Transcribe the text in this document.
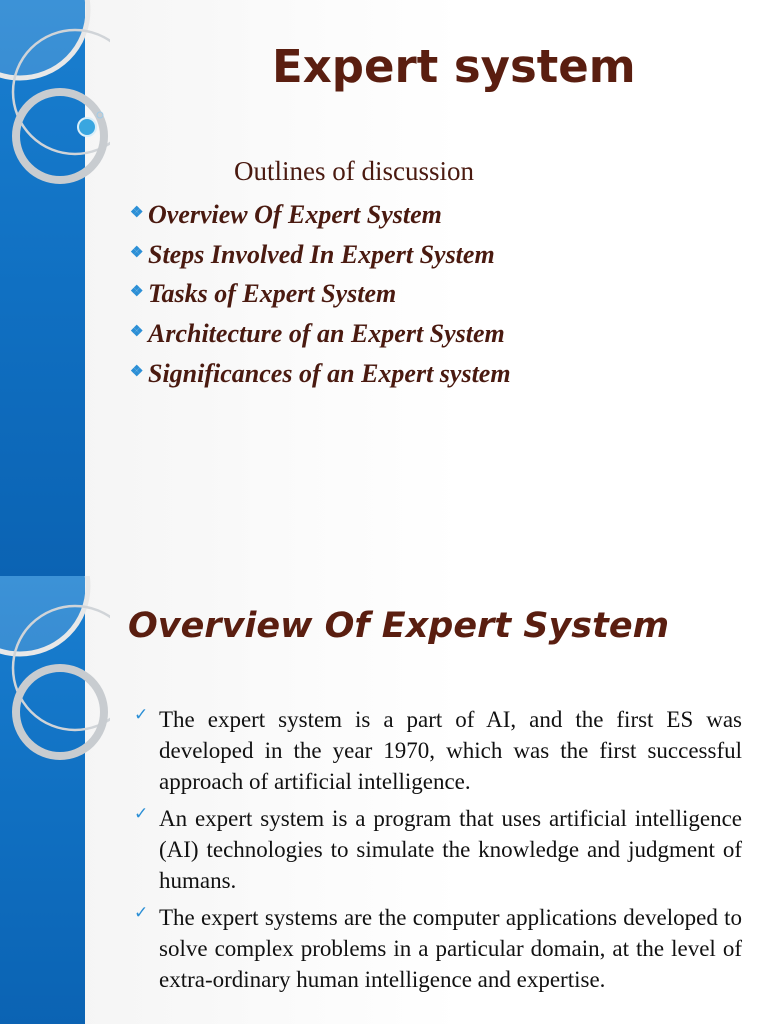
Expert system
Outlines of discussion
❖ Overview Of Expert System
❖ Steps Involved In Expert System
❖ Tasks of Expert System
❖ Architecture of an Expert System
❖ Significances of an Expert system
Overview Of Expert System
✓ The expert system is a part of AI, and the first ES was developed in the year 1970, which was the first successful approach of artificial intelligence.
✓ An expert system is a program that uses artificial intelligence (AI) technologies to simulate the knowledge and judgment of humans.
✓ The expert systems are the computer applications developed to solve complex problems in a particular domain, at the level of extra-ordinary human intelligence and expertise.
